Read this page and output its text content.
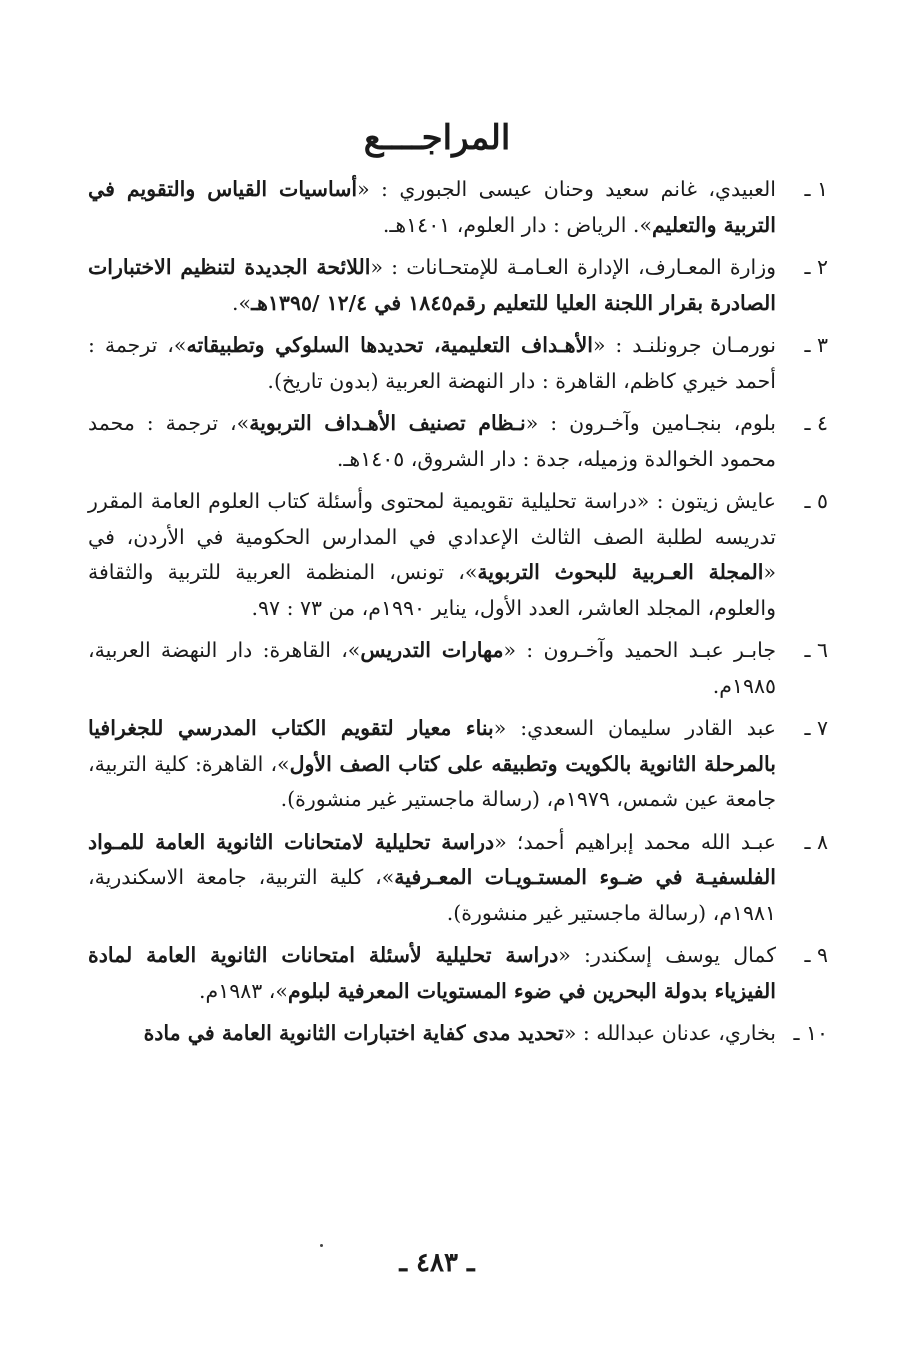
المراجــــع
١ ـ
العبيدي، غانم سعيد وحنان عيسى الجبوري : «أساسيات القياس والتقويم في التربية والتعليم». الرياض : دار العلوم، ١٤٠١هـ.
٢ ـ
وزارة المعـارف، الإدارة العـامـة للإمتحـانات : «اللائحة الجديدة لتنظيم الاختبارات الصادرة بقرار اللجنة العليا للتعليم رقم١٨٤٥ في ١٢/٤ /١٣٩٥هـ».
٣ ـ
نورمـان جرونلنـد : «الأهـداف التعليمية، تحديدها السلوكي وتطبيقاته»، ترجمة : أحمد خيري كاظم، القاهرة : دار النهضة العربية (بدون تاريخ).
٤ ـ
بلوم، بنجـامين وآخـرون : «نـظام تصنيف الأهـداف التربوية»، ترجمة : محمد محمود الخوالدة وزميله، جدة : دار الشروق، ١٤٠٥هـ.
٥ ـ
عايش زيتون : «دراسة تحليلية تقويمية لمحتوى وأسئلة كتاب العلوم العامة المقرر تدريسه لطلبة الصف الثالث الإعدادي في المدارس الحكومية في الأردن، في «المجلة العـربية للبحوث التربوية»، تونس، المنظمة العربية للتربية والثقافة والعلوم، المجلد العاشر، العدد الأول، يناير ١٩٩٠م، من ٧٣ : ٩٧.
٦ ـ
جابـر عبـد الحميد وآخـرون : «مهارات التدريس»، القاهرة: دار النهضة العربية، ١٩٨٥م.
٧ ـ
عبد القادر سليمان السعدي: «بناء معيار لتقويم الكتاب المدرسي للجغرافيا بالمرحلة الثانوية بالكويت وتطبيقه على كتاب الصف الأول»، القاهرة: كلية التربية، جامعة عين شمس، ١٩٧٩م، (رسالة ماجستير غير منشورة).
٨ ـ
عبـد الله محمد إبراهيم أحمد؛ «دراسة تحليلية لامتحانات الثانوية العامة للمـواد الفلسفيـة في ضـوء المستـويـات المعـرفية»، كلية التربية، جامعة الاسكندرية، ١٩٨١م، (رسالة ماجستير غير منشورة).
٩ ـ
كمال يوسف إسكندر: «دراسة تحليلية لأسئلة امتحانات الثانوية العامة لمادة الفيزياء بدولة البحرين في ضوء المستويات المعرفية لبلوم»، ١٩٨٣م.
١٠ ـ
بخاري، عدنان عبدالله : «تحديد مدى كفاية اختبارات الثانوية العامة في مادة
ـ ٤٨٣ ـ
